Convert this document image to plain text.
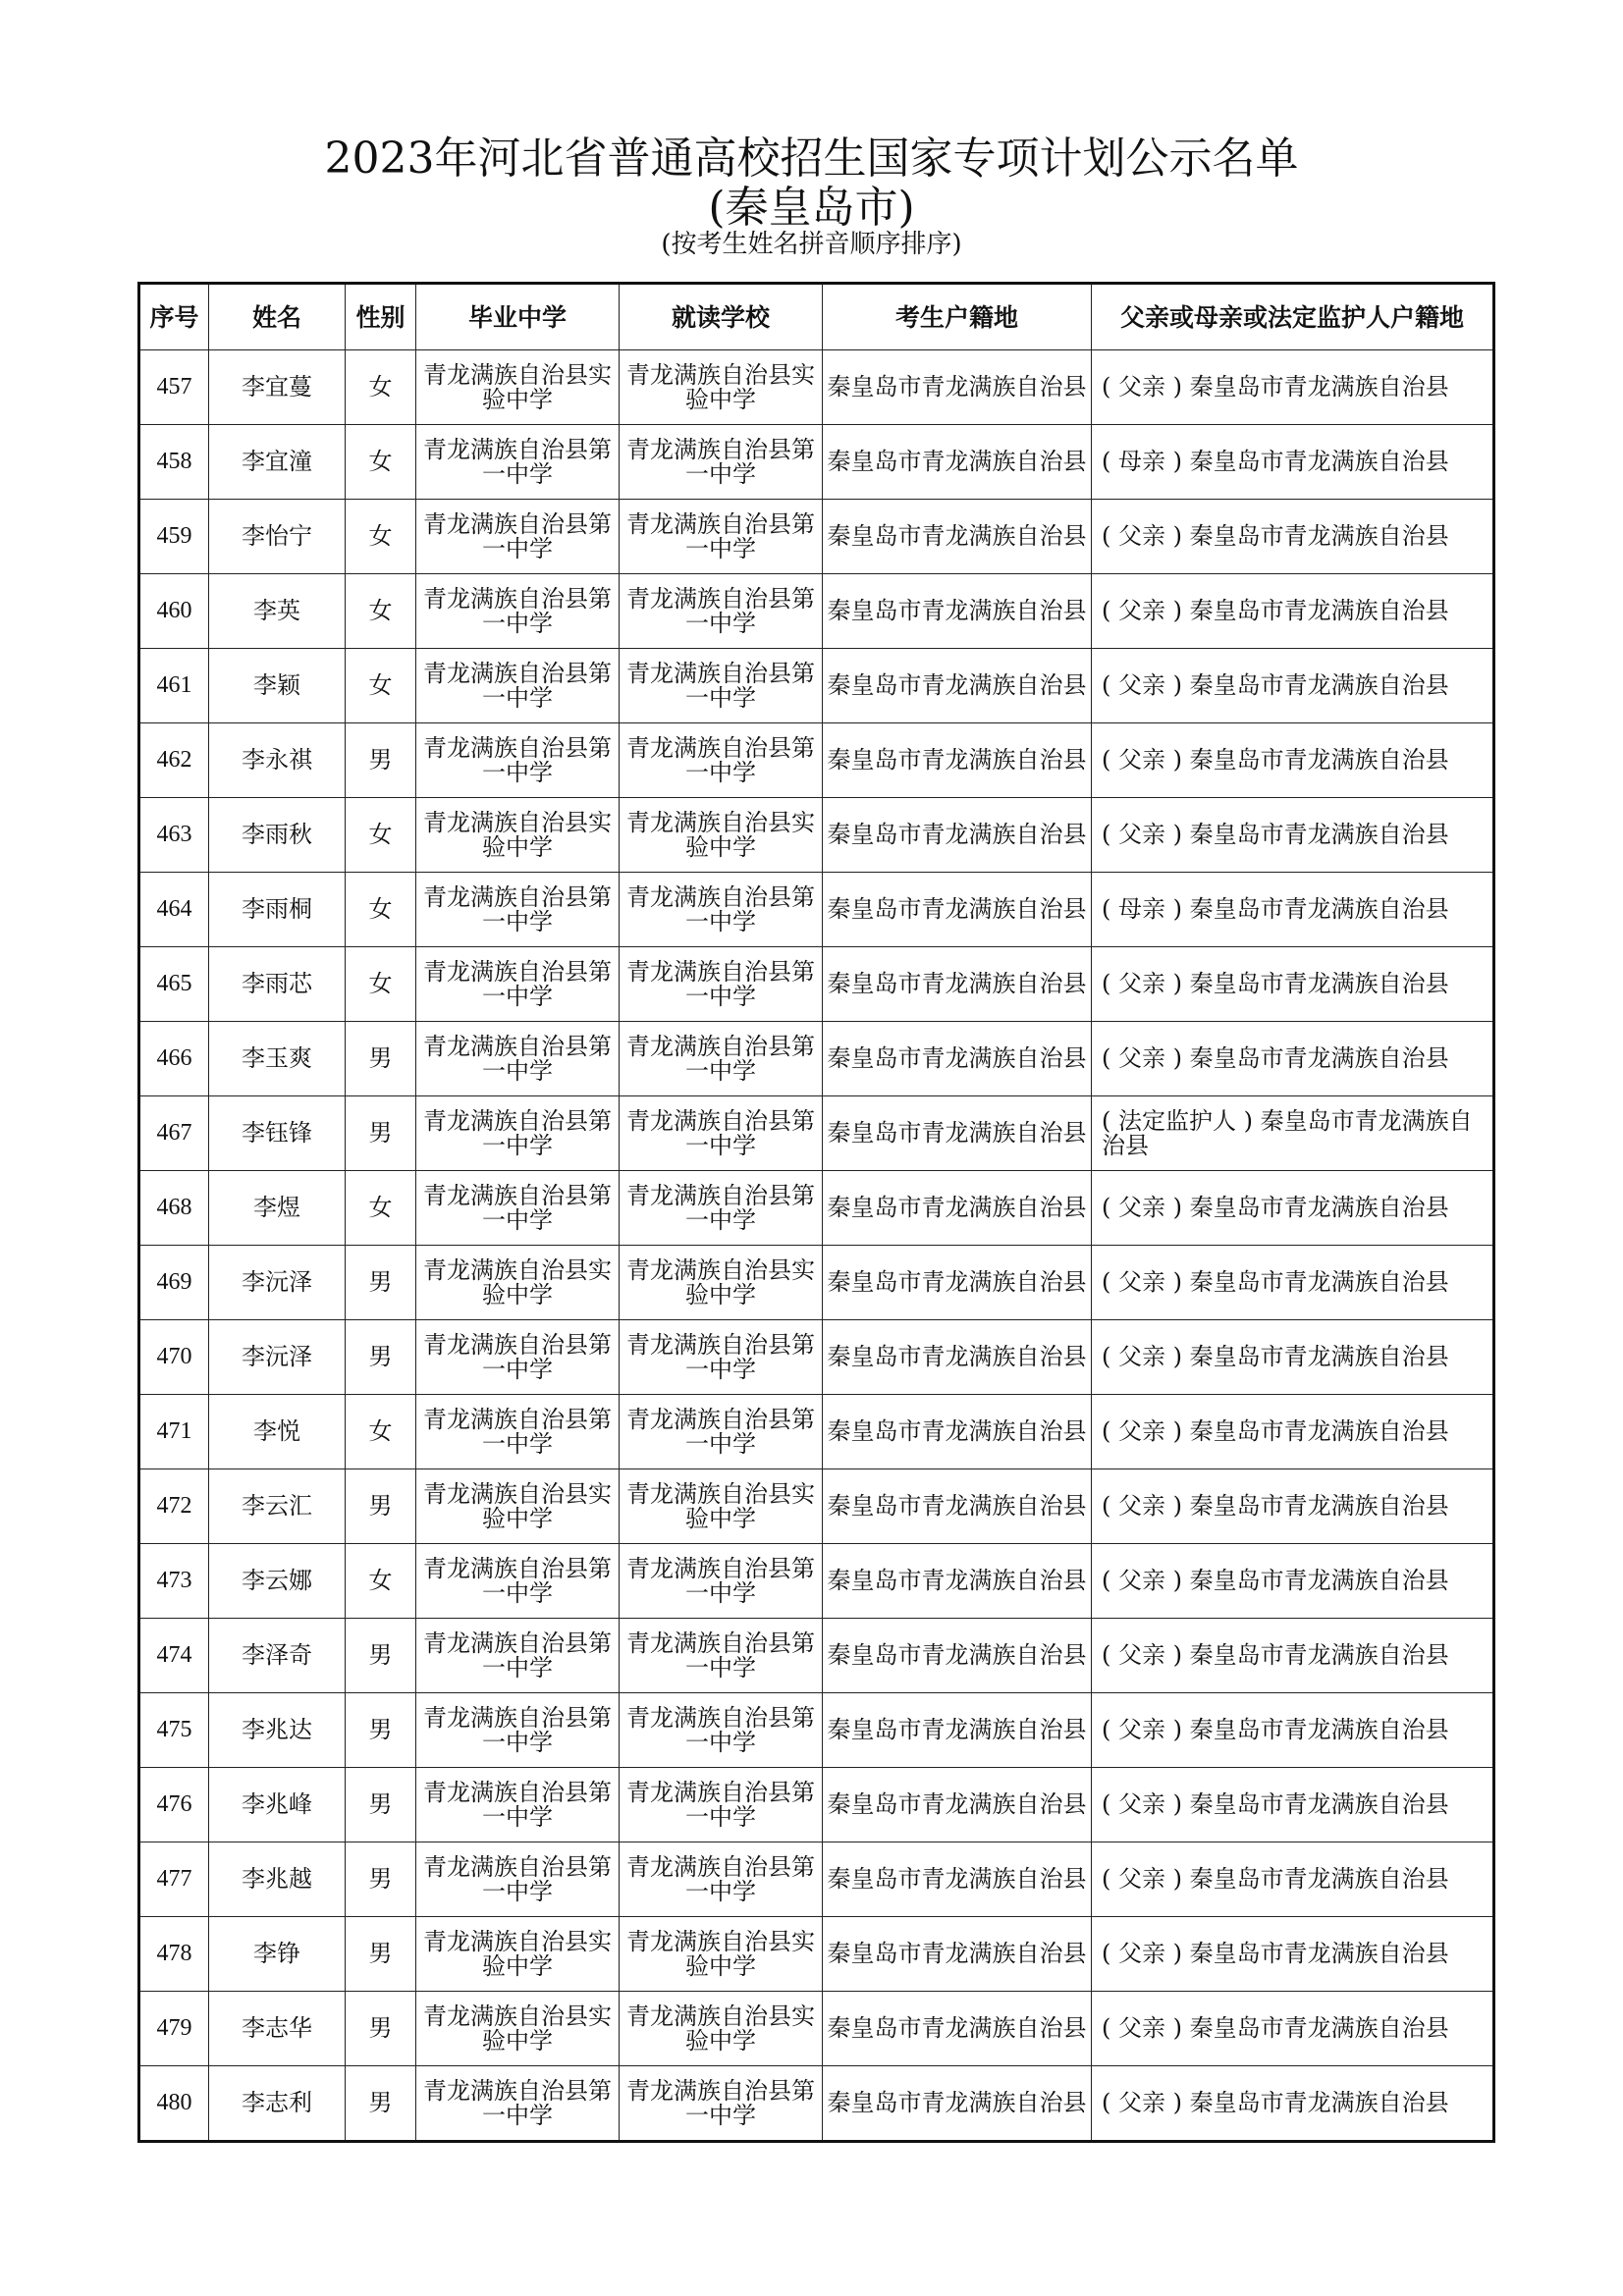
2023年河北省普通高校招生国家专项计划公示名单
(秦皇岛市)
(按考生姓名拼音顺序排序)
序号	姓名	性别	毕业中学	就读学校	考生户籍地	父亲或母亲或法定监护人户籍地
457	李宜蔓	女	青龙满族自治县实验中学	青龙满族自治县实验中学	秦皇岛市青龙满族自治县	( 父亲 ) 秦皇岛市青龙满族自治县
458	李宜潼	女	青龙满族自治县第一中学	青龙满族自治县第一中学	秦皇岛市青龙满族自治县	( 母亲 ) 秦皇岛市青龙满族自治县
459	李怡宁	女	青龙满族自治县第一中学	青龙满族自治县第一中学	秦皇岛市青龙满族自治县	( 父亲 ) 秦皇岛市青龙满族自治县
460	李英	女	青龙满族自治县第一中学	青龙满族自治县第一中学	秦皇岛市青龙满族自治县	( 父亲 ) 秦皇岛市青龙满族自治县
461	李颖	女	青龙满族自治县第一中学	青龙满族自治县第一中学	秦皇岛市青龙满族自治县	( 父亲 ) 秦皇岛市青龙满族自治县
462	李永祺	男	青龙满族自治县第一中学	青龙满族自治县第一中学	秦皇岛市青龙满族自治县	( 父亲 ) 秦皇岛市青龙满族自治县
463	李雨秋	女	青龙满族自治县实验中学	青龙满族自治县实验中学	秦皇岛市青龙满族自治县	( 父亲 ) 秦皇岛市青龙满族自治县
464	李雨桐	女	青龙满族自治县第一中学	青龙满族自治县第一中学	秦皇岛市青龙满族自治县	( 母亲 ) 秦皇岛市青龙满族自治县
465	李雨芯	女	青龙满族自治县第一中学	青龙满族自治县第一中学	秦皇岛市青龙满族自治县	( 父亲 ) 秦皇岛市青龙满族自治县
466	李玉爽	男	青龙满族自治县第一中学	青龙满族自治县第一中学	秦皇岛市青龙满族自治县	( 父亲 ) 秦皇岛市青龙满族自治县
467	李钰锋	男	青龙满族自治县第一中学	青龙满族自治县第一中学	秦皇岛市青龙满族自治县	( 法定监护人 ) 秦皇岛市青龙满族自治县
468	李煜	女	青龙满族自治县第一中学	青龙满族自治县第一中学	秦皇岛市青龙满族自治县	( 父亲 ) 秦皇岛市青龙满族自治县
469	李沅泽	男	青龙满族自治县实验中学	青龙满族自治县实验中学	秦皇岛市青龙满族自治县	( 父亲 ) 秦皇岛市青龙满族自治县
470	李沅泽	男	青龙满族自治县第一中学	青龙满族自治县第一中学	秦皇岛市青龙满族自治县	( 父亲 ) 秦皇岛市青龙满族自治县
471	李悦	女	青龙满族自治县第一中学	青龙满族自治县第一中学	秦皇岛市青龙满族自治县	( 父亲 ) 秦皇岛市青龙满族自治县
472	李云汇	男	青龙满族自治县实验中学	青龙满族自治县实验中学	秦皇岛市青龙满族自治县	( 父亲 ) 秦皇岛市青龙满族自治县
473	李云娜	女	青龙满族自治县第一中学	青龙满族自治县第一中学	秦皇岛市青龙满族自治县	( 父亲 ) 秦皇岛市青龙满族自治县
474	李泽奇	男	青龙满族自治县第一中学	青龙满族自治县第一中学	秦皇岛市青龙满族自治县	( 父亲 ) 秦皇岛市青龙满族自治县
475	李兆达	男	青龙满族自治县第一中学	青龙满族自治县第一中学	秦皇岛市青龙满族自治县	( 父亲 ) 秦皇岛市青龙满族自治县
476	李兆峰	男	青龙满族自治县第一中学	青龙满族自治县第一中学	秦皇岛市青龙满族自治县	( 父亲 ) 秦皇岛市青龙满族自治县
477	李兆越	男	青龙满族自治县第一中学	青龙满族自治县第一中学	秦皇岛市青龙满族自治县	( 父亲 ) 秦皇岛市青龙满族自治县
478	李铮	男	青龙满族自治县实验中学	青龙满族自治县实验中学	秦皇岛市青龙满族自治县	( 父亲 ) 秦皇岛市青龙满族自治县
479	李志华	男	青龙满族自治县实验中学	青龙满族自治县实验中学	秦皇岛市青龙满族自治县	( 父亲 ) 秦皇岛市青龙满族自治县
480	李志利	男	青龙满族自治县第一中学	青龙满族自治县第一中学	秦皇岛市青龙满族自治县	( 父亲 ) 秦皇岛市青龙满族自治县
